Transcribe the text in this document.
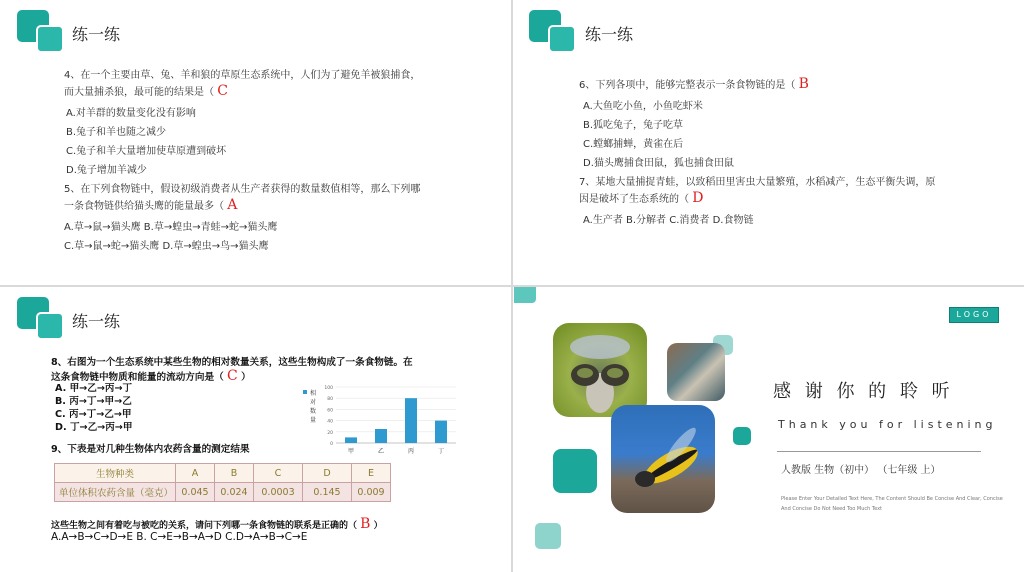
练一练
4、在一个主要由草、兔、羊和狼的草原生态系统中，人们为了避免羊被狼捕食，
而大量捕杀狼，最可能的结果是（ C
A.对羊群的数量变化没有影响
B.兔子和羊也随之减少
C.兔子和羊大量增加使草原遭到破坏
D.兔子增加羊减少
5、在下列食物链中，假设初级消费者从生产者获得的数量数值相等，那么下列哪
一条食物链供给猫头鹰的能量最多（ A
A.草→鼠→猫头鹰 B.草→蝗虫→青蛙→蛇→猫头鹰
C.草→鼠→蛇→猫头鹰 D.草→蝗虫→鸟→猫头鹰
练一练
6、下列各项中，能够完整表示一条食物链的是（ B
A.大鱼吃小鱼，小鱼吃虾米
B.狐吃兔子，兔子吃草
C.螳螂捕蝉，黄雀在后
D.猫头鹰捕食田鼠，狐也捕食田鼠
7、某地大量捕捉青蛙，以致稻田里害虫大量繁殖，水稻减产，生态平衡失调，原
因是破坏了生态系统的（ D
A.生产者 B.分解者 C.消费者 D.食物链
练一练
8、右图为一个生态系统中某些生物的相对数量关系，这些生物构成了一条食物链。在
这条食物链中物质和能量的流动方向是（ C ）
A. 甲→乙→丙→丁
B. 丙→丁→甲→乙
C. 丙→丁→乙→甲
D. 丁→乙→丙→甲
相
对
数
量
0
20
40
60
80
100
甲	乙	丙	丁
9、下表是对几种生物体内农药含量的测定结果
生物种类	A	B	C	D	E
单位体积农药含量（毫克）	0.045	0.024	0.0003	0.145	0.009
这些生物之间有着吃与被吃的关系，请问下列哪一条食物链的联系是正确的（ B ）
A.A→B→C→D→E B. C→E→B→A→D C.D→A→B→C→E
LOGO
感 谢 你 的 聆 听
Thank you for listening
人教版 生物（初中） （七年级 上）
Please Enter Your Detailed Text Here, The Content Should Be Concise And Clear, Concise
And Concise Do Not Need Too Much Text
